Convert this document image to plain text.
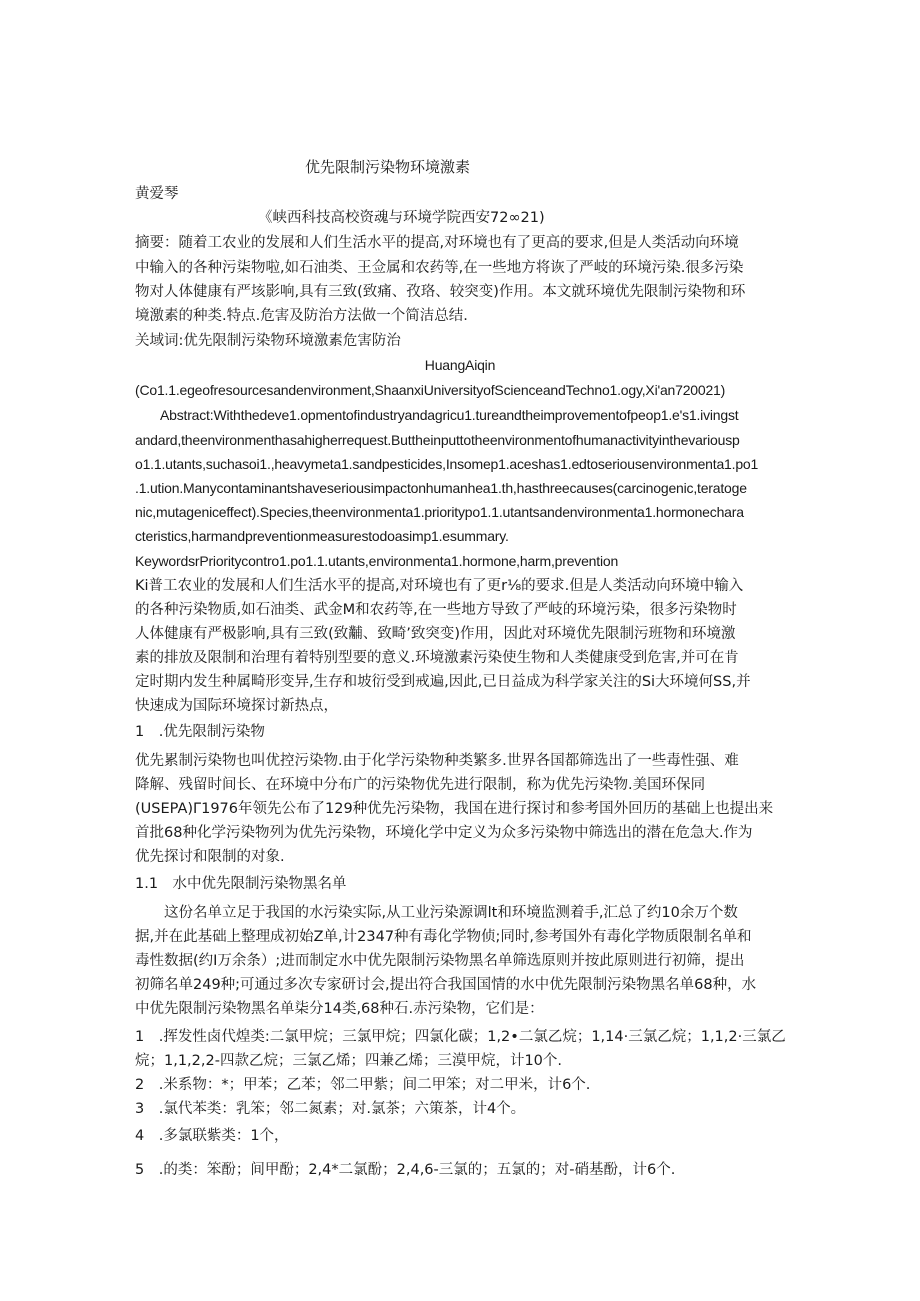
优先限制污染物环境激素
黄爱琴
《峡西科技高校资魂与环境学院西安72∞21)
摘要：随着工农业的发展和人们生活水平的提高,对环境也有了更高的要求,但是人类活动向环境
中输入的各种污柒物啦,如石油类、王佥属和农药等,在一些地方将诙了严岐的环境污染.很多污染
物对人体健康有严垓影响,具有三致(致痛、孜珞、较突变)作用。本文就环境优先限制污染物和环
境激素的种类.特点.危害及防治方法做一个简洁总结.
关域词:优先限制污染物环境激素危害防治
HuangAiqin
(Co1.1.egeofresourcesandenvironment,ShaanxiUniversityofScienceandTechno1.ogy,Xi'an720021)
Abstract:Withthedeve1.opmentofindustryandagricu1.tureandtheimprovementofpeop1.e's1.ivingst
andard,theenvironmenthasahigherrequest.Buttheinputtotheenvironmentofhumanactivityinthevariousp
o1.1.utants,suchasoi1.,heavymeta1.sandpesticides,Insomep1.aceshas1.edtoseriousenvironmenta1.po1
.1.ution.Manycontaminantshaveseriousimpactonhumanhea1.th,hasthreecauses(carcinogenic,teratoge
nic,mutageniceffect).Species,theenvironmenta1.prioritypo1.1.utantsandenvironmenta1.hormonechara
cteristics,harmandpreventionmeasurestodoasimp1.esummary.
KeywordsrPrioritycontro1.po1.1.utants,environmenta1.hormone,harm,prevention
Ki普工农业的发展和人们生活水平的提高,对环境也有了更r⅛的要求.但是人类活动向环境中输入
的各种污染物质,如石油类、武金M和农药等,在一些地方导致了严岐的环境污染，很多污染物时
人体健康有严极影响,具有三致(致黼、致畸’致突变)作用，因此对环境优先限制污班物和环境激
素的排放及限制和治理有着特别型要的意义.环境激素污染使生物和人类健康受到危害,并可在肯
定时期内发生种属畸形变异,生存和坡衍受到戒遍,因此,已日益成为科学家关注的Si大环境何SS,并
快速成为国际环境探讨新热点，
1　.优先限制污染物
优先累制污染物也叫优控污染物.由于化学污染物种类繁多.世界各国都筛选出了一些毒性强、难
降解、残留时间长、在环境中分布广的污染物优先进行限制，称为优先污染物.美国环保同
(USEPA)Γ1976年领先公布了129种优先污染物，我国在进行探讨和参考国外回历的基础上也提出来
首批68种化学污染物列为优先污染物，环境化学中定义为众多污染物中筛选出的潜在危急大.作为
优先探讨和限制的对象.
1.1　水中优先限制污染物黑名单
　　这份名单立足于我国的水污染实际,从工业污染源调lt和环境监测着手,汇总了约10余万个数
据,并在此基础上整理成初始Z单,计2347种有毒化学物侦;同时,参考国外有毒化学物质限制名单和
毒性数据(约I万余条）;进而制定水中优先限制污染物黑名单筛选原则并按此原则进行初筛，提出
初筛名单249种;可通过多次专家研讨会,提出符合我国国情的水中优先限制污染物黑名单68种，水
中优先限制污染物黑名单柒分14类,68种石.赤污染物，它们是：
1　.挥发性卤代煌类:二氯甲烷；三氯甲烷；四氯化碳；1,2•二氯乙烷；1,14·三氯乙烷；1,1,2·三氯乙
烷；1,1,2,2-四款乙烷；三氯乙烯；四兼乙烯；三漠甲烷，计10个.
2　.米系物：*；甲苯；乙苯；邻二甲紫；间二甲笨；对二甲米，计6个.
3　.氯代苯类：乳笨；邻二氮素；对.氯茶；六策茶，计4个。
4　.多氯联紫类：1个，
5　.的类：笨酚；间甲酚；2,4*二氯酚；2,4,6-三氯的；五氯的；对-硝基酚，计6个.
